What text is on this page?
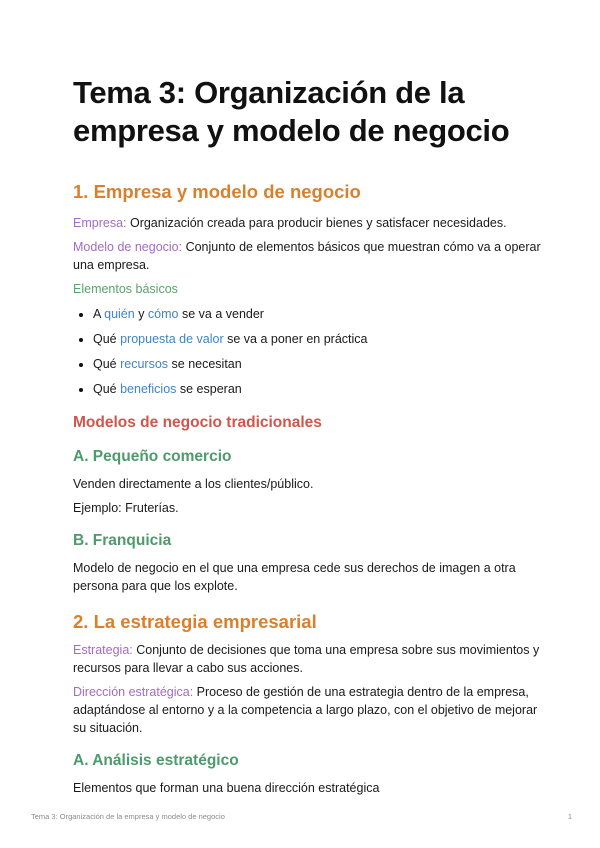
Tema 3: Organización de la empresa y modelo de negocio
1. Empresa y modelo de negocio

Empresa: Organización creada para producir bienes y satisfacer necesidades.

Modelo de negocio: Conjunto de elementos básicos que muestran cómo va a operar una empresa.

Elementos básicos

• A quién y cómo se va a vender
• Qué propuesta de valor se va a poner en práctica
• Qué recursos se necesitan
• Qué beneficios se esperan
Modelos de negocio tradicionales
A. Pequeño comercio

Venden directamente a los clientes/público.

Ejemplo: Fruterías.

B. Franquicia

Modelo de negocio en el que una empresa cede sus derechos de imagen a otra persona para que los explote.

2. La estrategia empresarial

Estrategia: Conjunto de decisiones que toma una empresa sobre sus movimientos y recursos para llevar a cabo sus acciones.

Dirección estratégica: Proceso de gestión de una estrategia dentro de la empresa, adaptándose al entorno y a la competencia a largo plazo, con el objetivo de mejorar su situación.

A. Análisis estratégico

Elementos que forman una buena dirección estratégica

Tema 3: Organización de la empresa y modelo de negocio	1
